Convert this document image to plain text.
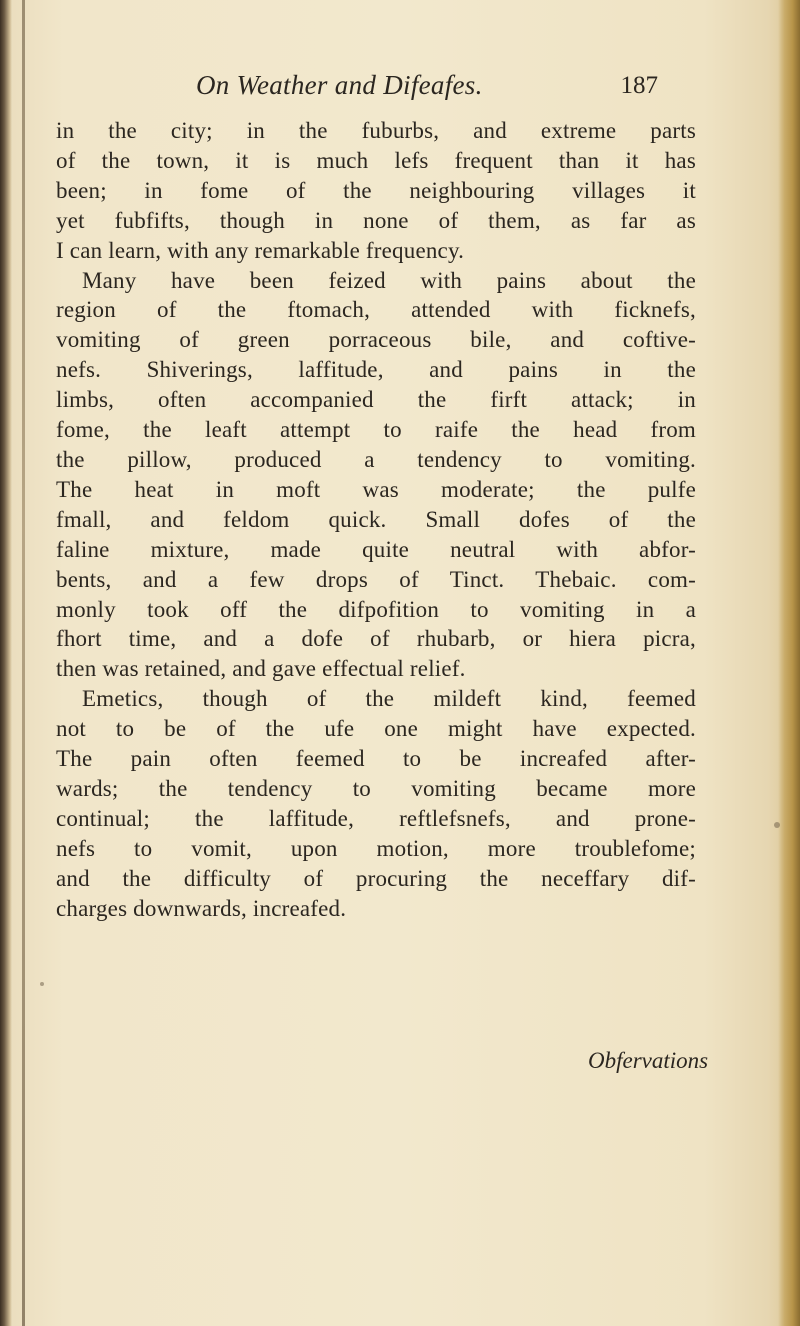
On Weather and Difeafes.	187
in the city; in the fuburbs, and extreme parts
of the town, it is much lefs frequent than it has
been; in fome of the neighbouring villages it
yet fubfifts, though in none of them, as far as
I can learn, with any remarkable frequency.
Many have been feized with pains about the
region of the ftomach, attended with ficknefs,
vomiting of green porraceous bile, and coftive-
nefs. Shiverings, laffitude, and pains in the
limbs, often accompanied the firft attack; in
fome, the leaft attempt to raife the head from
the pillow, produced a tendency to vomiting.
The heat in moft was moderate; the pulfe
fmall, and feldom quick. Small dofes of the
faline mixture, made quite neutral with abfor-
bents, and a few drops of Tinct. Thebaic. com-
monly took off the difpofition to vomiting in a
fhort time, and a dofe of rhubarb, or hiera picra,
then was retained, and gave effectual relief.
Emetics, though of the mildeft kind, feemed
not to be of the ufe one might have expected.
The pain often feemed to be increafed after-
wards; the tendency to vomiting became more
continual; the laffitude, reftlefsnefs, and prone-
nefs to vomit, upon motion, more troublefome;
and the difficulty of procuring the neceffary dif-
charges downwards, increafed.
Obfervations
